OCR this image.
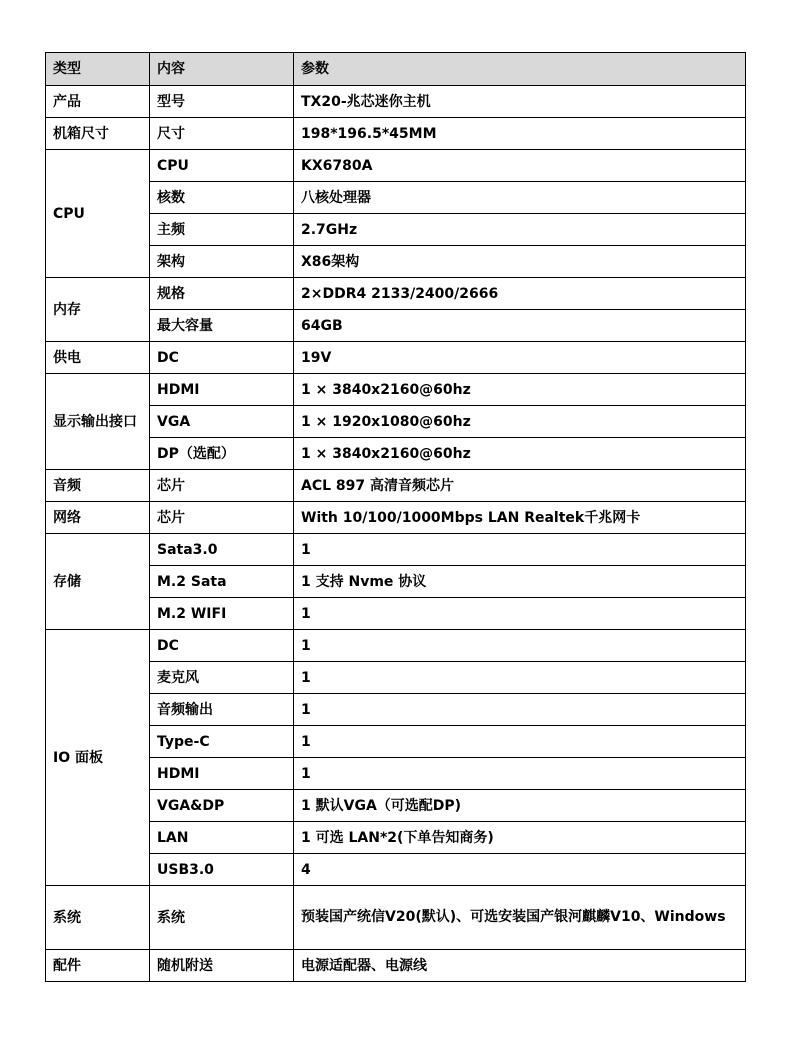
类型	内容	参数
产品	型号	TX20-兆芯迷你主机
机箱尺寸	尺寸	198*196.5*45MM
CPU	CPU	KX6780A
	核数	八核处理器
	主频	2.7GHz
	架构	X86架构
内存	规格	2×DDR4 2133/2400/2666
	最大容量	64GB
供电	DC	19V
显示输出接口	HDMI	1 × 3840x2160@60hz
	VGA	1 × 1920x1080@60hz
	DP（选配）	1 × 3840x2160@60hz
音频	芯片	ACL 897 高清音频芯片
网络	芯片	With 10/100/1000Mbps LAN Realtek千兆网卡
存储	Sata3.0	1
	M.2 Sata	1 支持 Nvme 协议
	M.2 WIFI	1
IO 面板	DC	1
	麦克风	1
	音频输出	1
	Type-C	1
	HDMI	1
	VGA&DP	1 默认VGA（可选配DP)
	LAN	1 可选 LAN*2(下单告知商务)
	USB3.0	4
系统	系统	预装国产统信V20(默认)、可选安装国产银河麒麟V10、Windows
配件	随机附送	电源适配器、电源线
